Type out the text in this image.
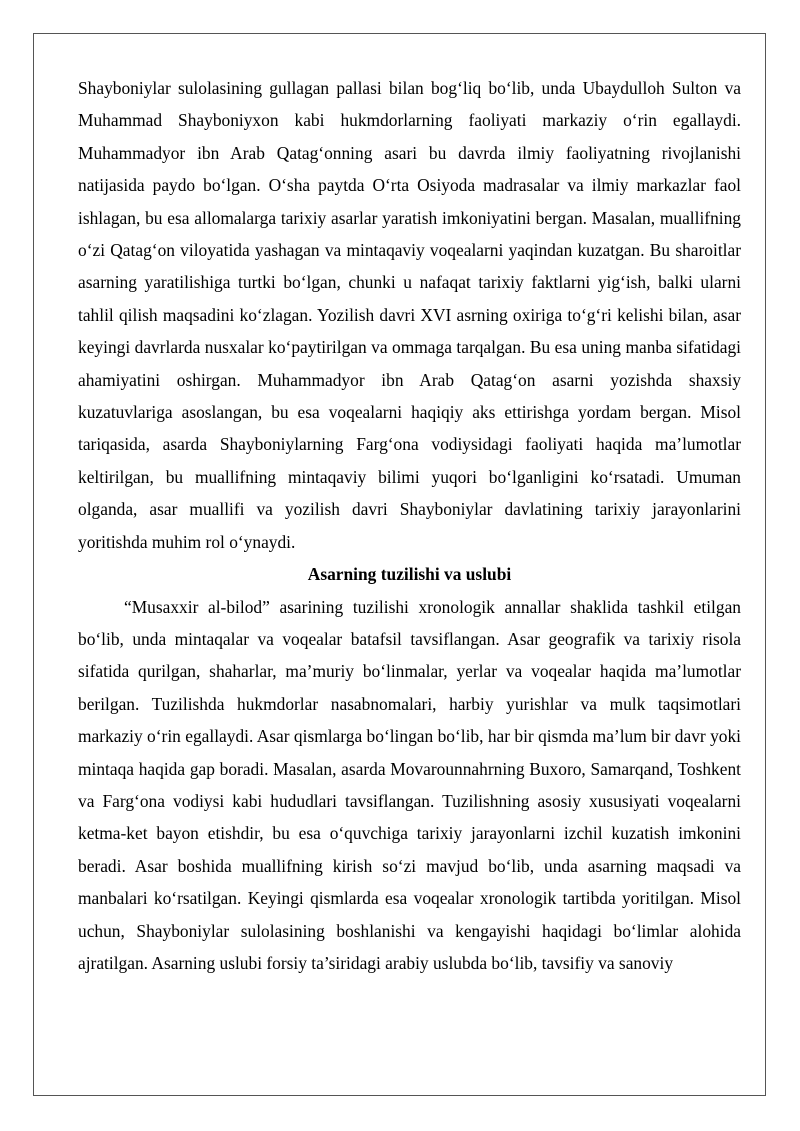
Shayboniylar sulolasining gullagan pallasi bilan bog‘liq bo‘lib, unda Ubaydulloh Sulton va Muhammad Shayboniyxon kabi hukmdorlarning faoliyati markaziy o‘rin egallaydi. Muhammadyor ibn Arab Qatag‘onning asari bu davrda ilmiy faoliyatning rivojlanishi natijasida paydo bo‘lgan. O‘sha paytda O‘rta Osiyoda madrasalar va ilmiy markazlar faol ishlagan, bu esa allomalarga tarixiy asarlar yaratish imkoniyatini bergan. Masalan, muallifning o‘zi Qatag‘on viloyatida yashagan va mintaqaviy voqealarni yaqindan kuzatgan. Bu sharoitlar asarning yaratilishiga turtki bo‘lgan, chunki u nafaqat tarixiy faktlarni yig‘ish, balki ularni tahlil qilish maqsadini ko‘zlagan. Yozilish davri XVI asrning oxiriga to‘g‘ri kelishi bilan, asar keyingi davrlarda nusxalar ko‘paytirilgan va ommaga tarqalgan. Bu esa uning manba sifatidagi ahamiyatini oshirgan. Muhammadyor ibn Arab Qatag‘on asarni yozishda shaxsiy kuzatuvlariga asoslangan, bu esa voqealarni haqiqiy aks ettirishga yordam bergan. Misol tariqasida, asarda Shayboniylarning Farg‘ona vodiysidagi faoliyati haqida ma’lumotlar keltirilgan, bu muallifning mintaqaviy bilimi yuqori bo‘lganligini ko‘rsatadi. Umuman olganda, asar muallifi va yozilish davri Shayboniylar davlatining tarixiy jarayonlarini yoritishda muhim rol o‘ynaydi.

Asarning tuzilishi va uslubi

“Musaxxir al-bilod” asarining tuzilishi xronologik annallar shaklida tashkil etilgan bo‘lib, unda mintaqalar va voqealar batafsil tavsiflangan. Asar geografik va tarixiy risola sifatida qurilgan, shaharlar, ma’muriy bo‘linmalar, yerlar va voqealar haqida ma’lumotlar berilgan. Tuzilishda hukmdorlar nasabnomalari, harbiy yurishlar va mulk taqsimotlari markaziy o‘rin egallaydi. Asar qismlarga bo‘lingan bo‘lib, har bir qismda ma’lum bir davr yoki mintaqa haqida gap boradi. Masalan, asarda Movarounnahrning Buxoro, Samarqand, Toshkent va Farg‘ona vodiysi kabi hududlari tavsiflangan. Tuzilishning asosiy xususiyati voqealarni ketma-ket bayon etishdir, bu esa o‘quvchiga tarixiy jarayonlarni izchil kuzatish imkonini beradi. Asar boshida muallifning kirish so‘zi mavjud bo‘lib, unda asarning maqsadi va manbalari ko‘rsatilgan. Keyingi qismlarda esa voqealar xronologik tartibda yoritilgan. Misol uchun, Shayboniylar sulolasining boshlanishi va kengayishi haqidagi bo‘limlar alohida ajratilgan. Asarning uslubi forsiy ta’siridagi arabiy uslubda bo‘lib, tavsifiy va sanoviy
